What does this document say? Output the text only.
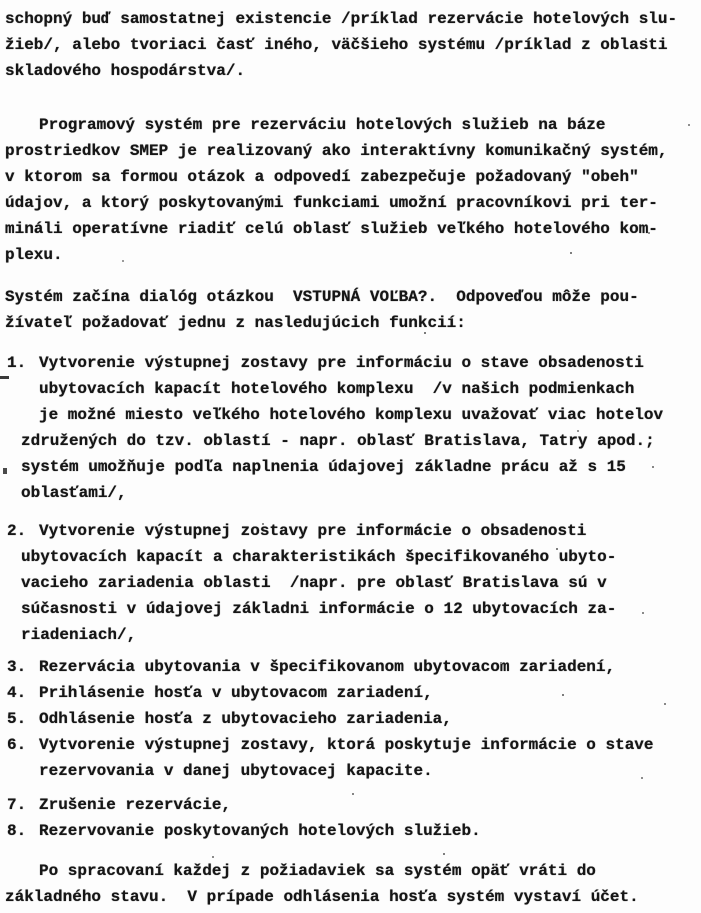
schopný buď samostatnej existencie /príklad rezervácie hotelových slu-
žieb/, alebo tvoriaci časť iného, väčšieho systému /príklad z oblasti
skladového hospodárstva/.
Programový systém pre rezerváciu hotelových služieb na báze
prostriedkov SMEP je realizovaný ako interaktívny komunikačný systém,
v ktorom sa formou otázok a odpovedí zabezpečuje požadovaný "obeh"
údajov, a ktorý poskytovanými funkciami umožní pracovníkovi pri ter-
mináli operatívne riadiť celú oblasť služieb veľkého hotelového kom-
plexu.
Systém začína dialóg otázkou  VSTUPNÁ VOĽBA?.  Odpoveďou môže pou-
žívateľ požadovať jednu z nasledujúcich funkcií:
1. Vytvorenie výstupnej zostavy pre informáciu o stave obsadenosti
ubytovacích kapacít hotelového komplexu  /v našich podmienkach
je možné miesto veľkého hotelového komplexu uvažovať viac hotelov
združených do tzv. oblastí - napr. oblasť Bratislava, Tatry apod.;
systém umožňuje podľa naplnenia údajovej základne prácu až s 15
oblasťami/,
2. Vytvorenie výstupnej zostavy pre informácie o obsadenosti
ubytovacích kapacít a charakteristikách špecifikovaného ubyto-
vacieho zariadenia oblasti  /napr. pre oblasť Bratislava sú v
súčasnosti v údajovej základni informácie o 12 ubytovacích za-
riadeniach/,
3. Rezervácia ubytovania v špecifikovanom ubytovacom zariadení,
4. Prihlásenie hosťa v ubytovacom zariadení,
5. Odhlásenie hosťa z ubytovacieho zariadenia,
6. Vytvorenie výstupnej zostavy, ktorá poskytuje informácie o stave
rezervovania v danej ubytovacej kapacite.
7. Zrušenie rezervácie,
8. Rezervovanie poskytovaných hotelových služieb.
Po spracovaní každej z požiadaviek sa systém opäť vráti do
základného stavu.  V prípade odhlásenia hosťa systém vystaví účet.
